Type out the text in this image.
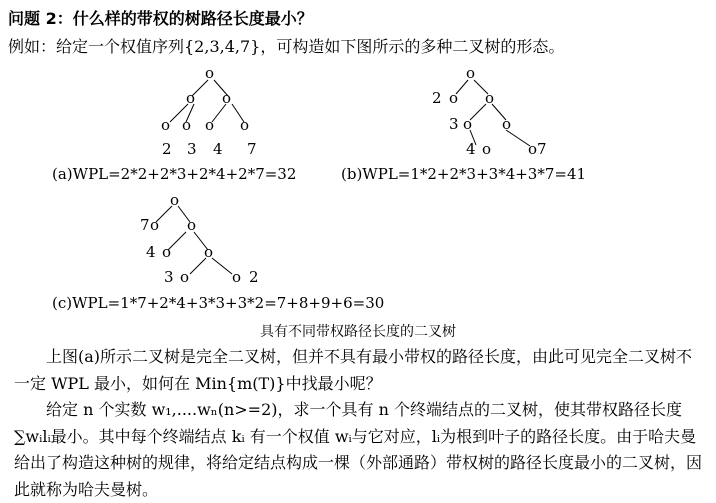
问题 2：什么样的带权的树路径长度最小？
例如：给定一个权值序列{2,3,4,7}，可构造如下图所示的多种二叉树的形态。
o
o o
o o o o
2 3 4 7
o
2 o o
3 o o
4 o o7
o
7 o o
4 o o
3 o	o 2
(a)WPL=2*2+2*3+2*4+2*7=32	(b)WPL=1*2+2*3+3*4+3*7=41
(c)WPL=1*7+2*4+3*3+3*2=7+8+9+6=30
具有不同带权路径长度的二叉树
上图(a)所示二叉树是完全二叉树，但并不具有最小带权的路径长度，由此可见完全二叉树不一定 WPL 最小，如何在 Min{m(T)}中找最小呢？
给定 n 个实数 w₁,....wₙ(n>=2)，求一个具有 n 个终端结点的二叉树，使其带权路径长度∑wᵢlᵢ最小。其中每个终端结点 kᵢ 有一个权值 wᵢ与它对应，lᵢ为根到叶子的路径长度。由于哈夫曼给出了构造这种树的规律，将给定结点构成一棵（外部通路）带权树的路径长度最小的二叉树，因此就称为哈夫曼树。
